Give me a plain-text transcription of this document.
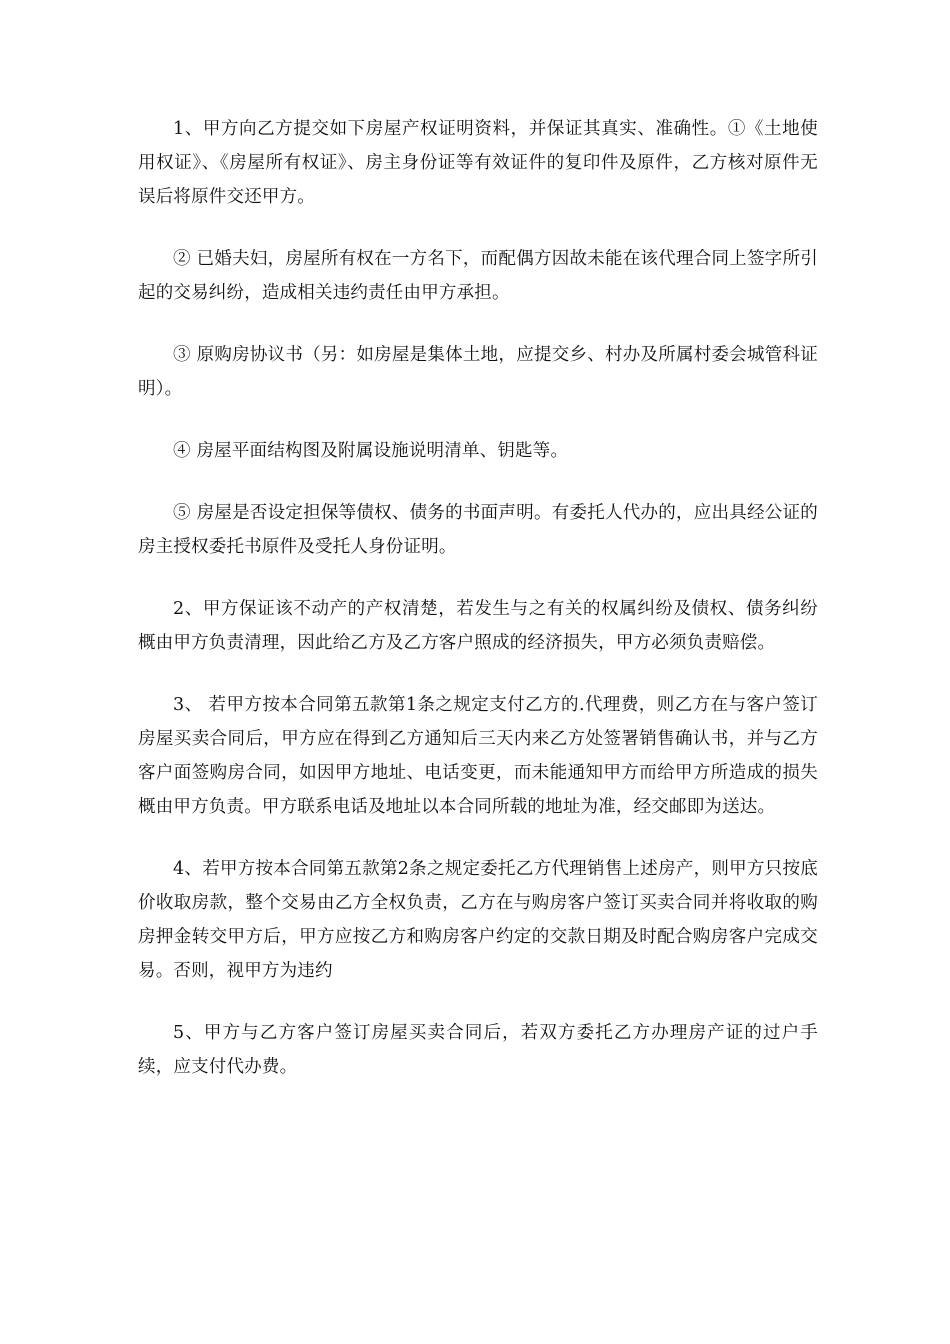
1、甲方向乙方提交如下房屋产权证明资料，并保证其真实、准确性。①《土地使用权证》、《房屋所有权证》、房主身份证等有效证件的复印件及原件，乙方核对原件无误后将原件交还甲方。

② 已婚夫妇，房屋所有权在一方名下，而配偶方因故未能在该代理合同上签字所引起的交易纠纷，造成相关违约责任由甲方承担。

③ 原购房协议书（另：如房屋是集体土地，应提交乡、村办及所属村委会城管科证明）。

④ 房屋平面结构图及附属设施说明清单、钥匙等。

⑤ 房屋是否设定担保等债权、债务的书面声明。有委托人代办的，应出具经公证的房主授权委托书原件及受托人身份证明。

2、甲方保证该不动产的产权清楚，若发生与之有关的权属纠纷及债权、债务纠纷概由甲方负责清理，因此给乙方及乙方客户照成的经济损失，甲方必须负责赔偿。

3、 若甲方按本合同第五款第1条之规定支付乙方的.代理费，则乙方在与客户签订房屋买卖合同后，甲方应在得到乙方通知后三天内来乙方处签署销售确认书，并与乙方客户面签购房合同，如因甲方地址、电话变更，而未能通知甲方而给甲方所造成的损失概由甲方负责。甲方联系电话及地址以本合同所载的地址为准，经交邮即为送达。

4、若甲方按本合同第五款第2条之规定委托乙方代理销售上述房产，则甲方只按底价收取房款，整个交易由乙方全权负责，乙方在与购房客户签订买卖合同并将收取的购房押金转交甲方后，甲方应按乙方和购房客户约定的交款日期及时配合购房客户完成交易。否则，视甲方为违约

5、甲方与乙方客户签订房屋买卖合同后，若双方委托乙方办理房产证的过户手续，应支付代办费。
